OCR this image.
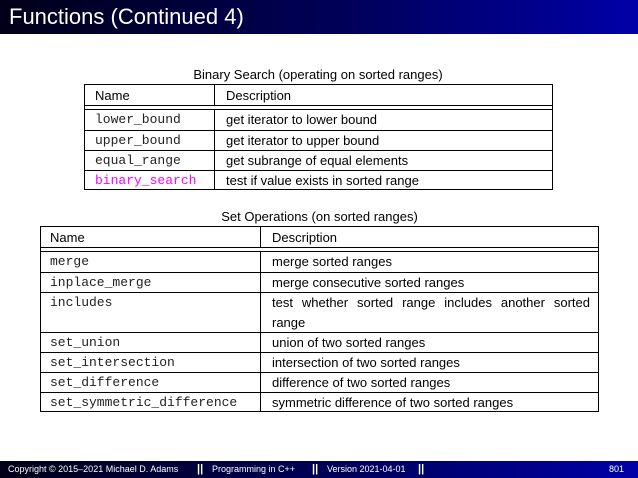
Functions (Continued 4)
Binary Search (operating on sorted ranges)
Name	Description
lower_bound	get iterator to lower bound
upper_bound	get iterator to upper bound
equal_range	get subrange of equal elements
binary_search test if value exists in sorted range
Set Operations (on sorted ranges)
Name	Description
merge	merge sorted ranges
inplace_merge	merge consecutive sorted ranges
includes	test whether sorted range includes another sorted range
set_union	union of two sorted ranges
set_intersection	intersection of two sorted ranges
set_difference	difference of two sorted ranges
set_symmetric_difference	symmetric difference of two sorted ranges
Copyright © 2015–2021 Michael D. Adams || Programming in C++ || Version 2021-04-01 ||	801
